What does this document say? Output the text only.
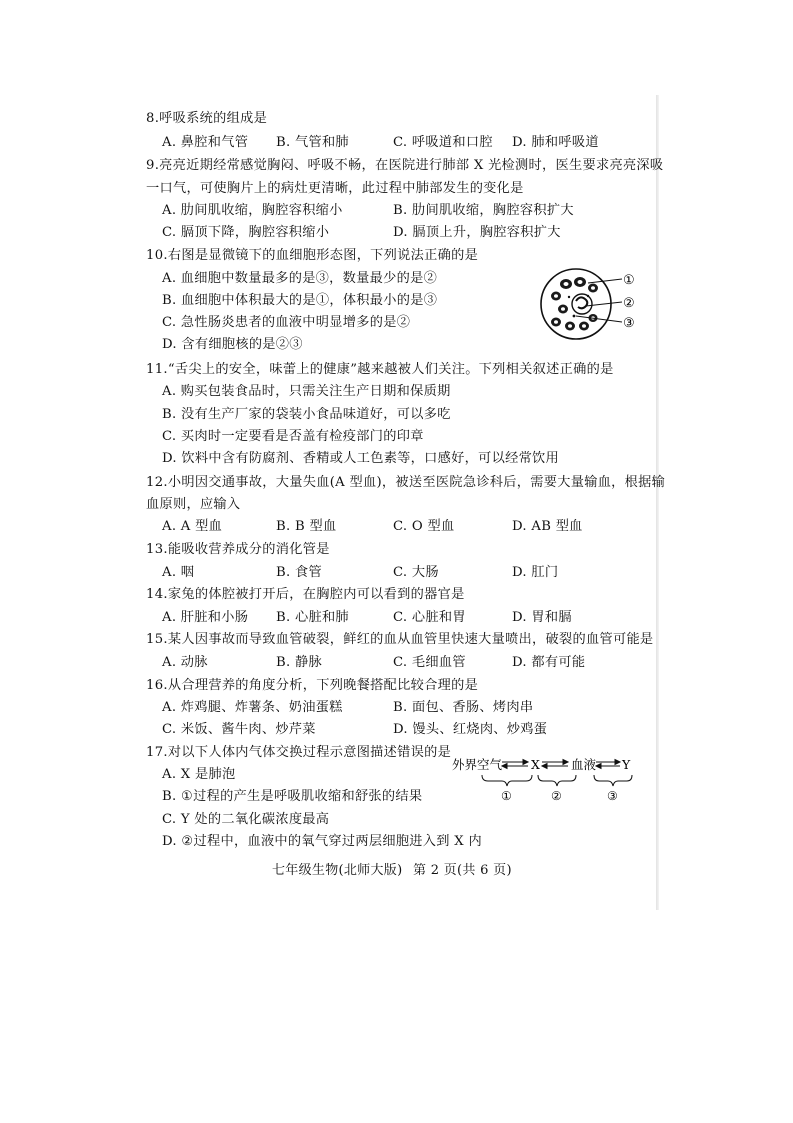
8.呼吸系统的组成是
A. 鼻腔和气管 B. 气管和肺	C. 呼吸道和口腔 D. 肺和呼吸道
9.亮亮近期经常感觉胸闷、呼吸不畅，在医院进行肺部 X 光检测时，医生要求亮亮深吸
一口气，可使胸片上的病灶更清晰，此过程中肺部发生的变化是
A. 肋间肌收缩，胸腔容积缩小	B. 肋间肌收缩，胸腔容积扩大
C. 膈顶下降，胸腔容积缩小	D. 膈顶上升，胸腔容积扩大
10.右图是显微镜下的血细胞形态图，下列说法正确的是
A. 血细胞中数量最多的是③，数量最少的是②
B. 血细胞中体积最大的是①，体积最小的是③
C. 急性肠炎患者的血液中明显增多的是②
D. 含有细胞核的是②③
①
②
③
11.“舌尖上的安全，味蕾上的健康”越来越被人们关注。下列相关叙述正确的是
A. 购买包装食品时，只需关注生产日期和保质期
B. 没有生产厂家的袋装小食品味道好，可以多吃
C. 买肉时一定要看是否盖有检疫部门的印章
D. 饮料中含有防腐剂、香精或人工色素等，口感好，可以经常饮用
12.小明因交通事故，大量失血(A 型血)，被送至医院急诊科后，需要大量输血，根据输
血原则，应输入
A. A 型血	B. B 型血	C. O 型血	D. AB 型血
13.能吸收营养成分的消化管是
A. 咽	B. 食管	C. 大肠	D. 肛门
14.家兔的体腔被打开后，在胸腔内可以看到的器官是
A. 肝脏和小肠 B. 心脏和肺	C. 心脏和胃	D. 胃和膈
15.某人因事故而导致血管破裂，鲜红的血从血管里快速大量喷出，破裂的血管可能是
A. 动脉	B. 静脉	C. 毛细血管	D. 都有可能
16.从合理营养的角度分析，下列晚餐搭配比较合理的是
A. 炸鸡腿、炸薯条、奶油蛋糕	B. 面包、香肠、烤肉串
C. 米饭、酱牛肉、炒芹菜	D. 馒头、红烧肉、炒鸡蛋
17.对以下人体内气体交换过程示意图描述错误的是
A. X 是肺泡
B. ①过程的产生是呼吸肌收缩和舒张的结果
C. Y 处的二氧化碳浓度最高
D. ②过程中，血液中的氧气穿过两层细胞进入到 X 内
外界空气 X 血液 Y
①	②	③
七年级生物(北师大版) 第 2 页(共 6 页)
